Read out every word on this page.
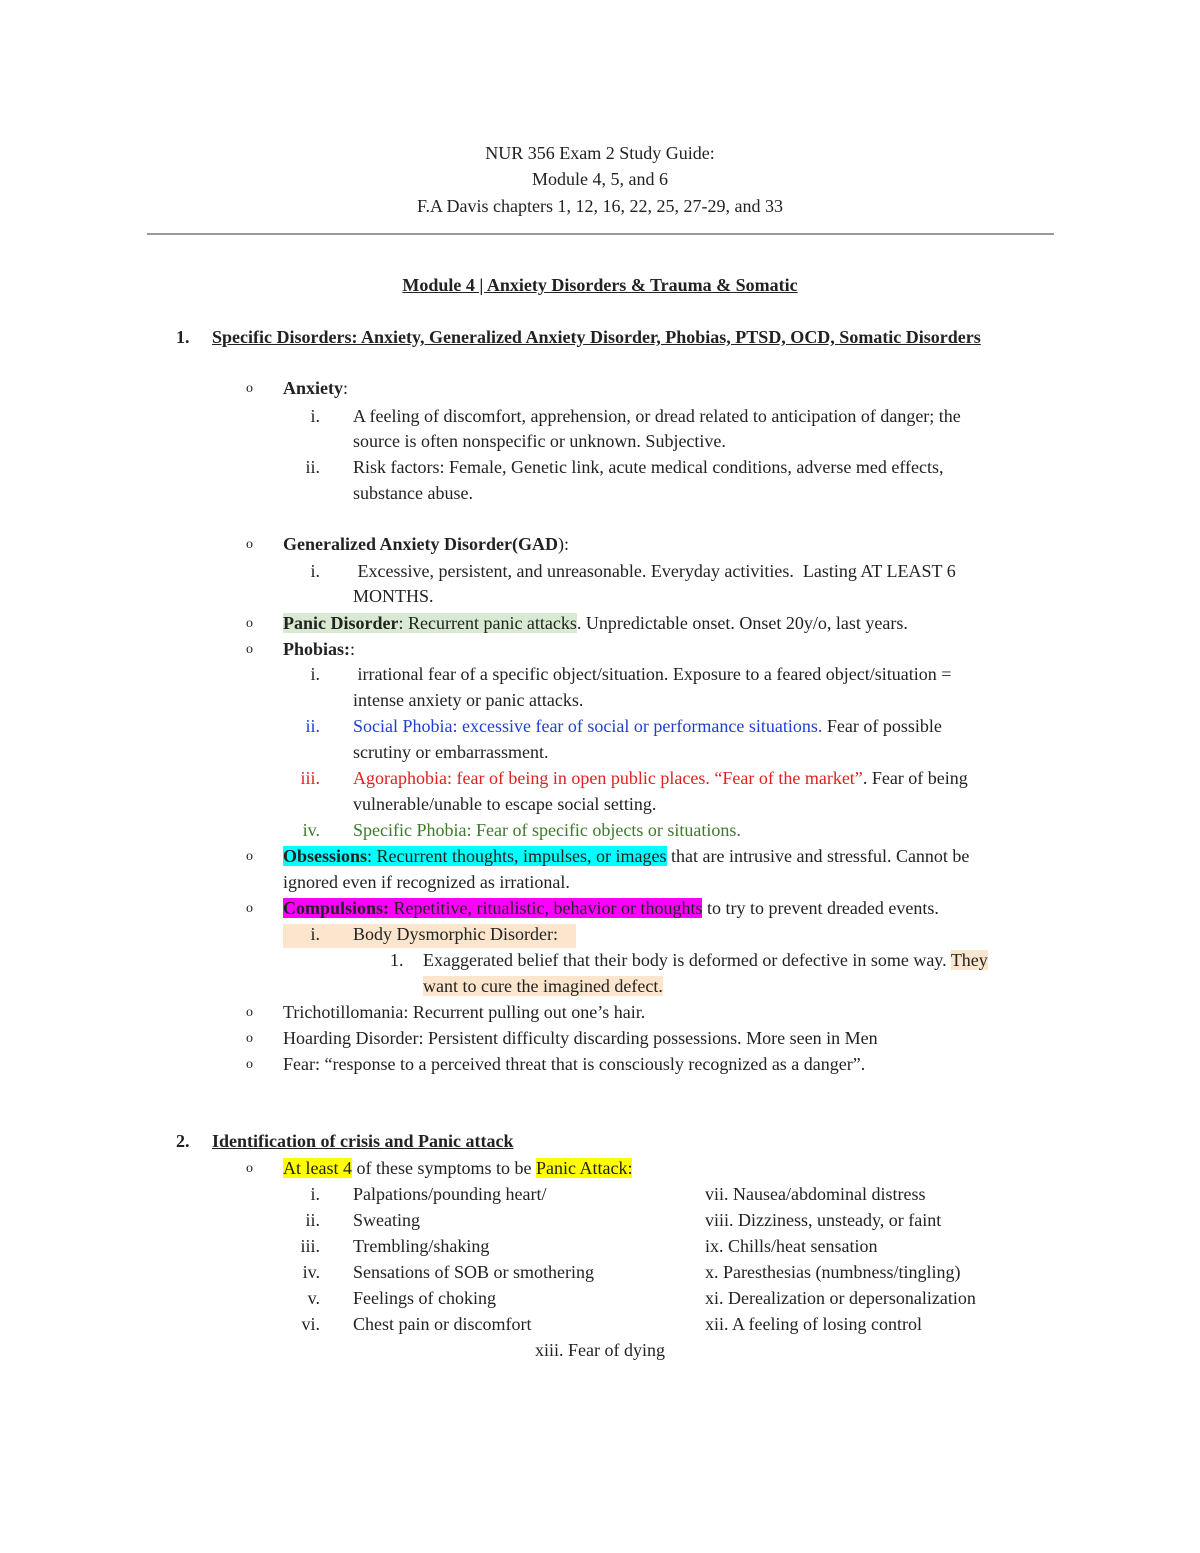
NUR 356 Exam 2 Study Guide:
Module 4, 5, and 6
F.A Davis chapters 1, 12, 16, 22, 25, 27-29, and 33
Module 4 | Anxiety Disorders & Trauma & Somatic
1. Specific Disorders: Anxiety, Generalized Anxiety Disorder, Phobias, PTSD, OCD, Somatic Disorders
o Anxiety:
i. A feeling of discomfort, apprehension, or dread related to anticipation of danger; the
source is often nonspecific or unknown. Subjective.
ii. Risk factors: Female, Genetic link, acute medical conditions, adverse med effects,
substance abuse.
o Generalized Anxiety Disorder(GAD):
i. Excessive, persistent, and unreasonable. Everyday activities.  Lasting AT LEAST 6
MONTHS.
o Panic Disorder: Recurrent panic attacks. Unpredictable onset. Onset 20y/o, last years.
o Phobias::
i. irrational fear of a specific object/situation. Exposure to a feared object/situation =
intense anxiety or panic attacks.
ii. Social Phobia: excessive fear of social or performance situations. Fear of possible
scrutiny or embarrassment.
iii. Agoraphobia: fear of being in open public places. “Fear of the market”. Fear of being
vulnerable/unable to escape social setting.
iv. Specific Phobia: Fear of specific objects or situations.
o Obsessions: Recurrent thoughts, impulses, or images that are intrusive and stressful. Cannot be
ignored even if recognized as irrational.
o Compulsions: Repetitive, ritualistic, behavior or thoughts to try to prevent dreaded events.
i. Body Dysmorphic Disorder:
1. Exaggerated belief that their body is deformed or defective in some way. They
want to cure the imagined defect.
o Trichotillomania: Recurrent pulling out one’s hair.
o Hoarding Disorder: Persistent difficulty discarding possessions. More seen in Men
o Fear: “response to a perceived threat that is consciously recognized as a danger”.
2. Identification of crisis and Panic attack
o At least 4 of these symptoms to be Panic Attack:
i. Palpations/pounding heart/
ii. Sweating
iii. Trembling/shaking
iv. Sensations of SOB or smothering
v. Feelings of choking
vi. Chest pain or discomfort
vii. Nausea/abdominal distress
viii. Dizziness, unsteady, or faint
ix. Chills/heat sensation
x. Paresthesias (numbness/tingling)
xi. Derealization or depersonalization
xii. A feeling of losing control
xiii. Fear of dying
